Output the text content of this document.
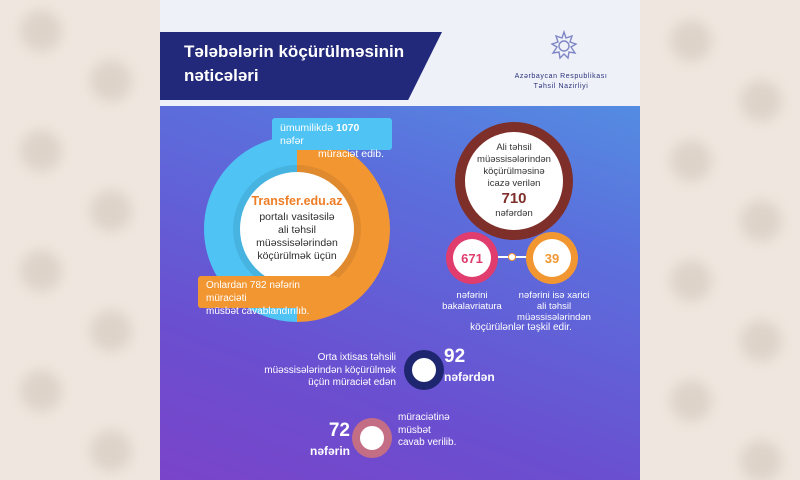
Tələbələrin köçürülməsinin
nəticələri	Azərbaycan Respublikası
Təhsil Nazirliyi
Transfer.edu.az
portalı vasitəsilə
ali təhsil
müəssisələrindən
köçürülmək üçün
ümumilikdə 1070 nəfər
müraciət edib.
Onlardan 782 nəfərin müraciəti
müsbət cavablandırılıb.
Ali təhsil
müəssisələrindən
köçürülməsinə
icazə verilən
710
nəfərdən
671	39
nəfərini
bakalavriatura
nəfərini isə xarici
ali təhsil
müəssisələrindən
köçürülənlər təşkil edir.
Orta ixtisas təhsili
müəssisələrindən köçürülmək
üçün müraciət edən
92
nəfərdən
72
nəfərin
müraciətinə
müsbət
cavab verilib.
